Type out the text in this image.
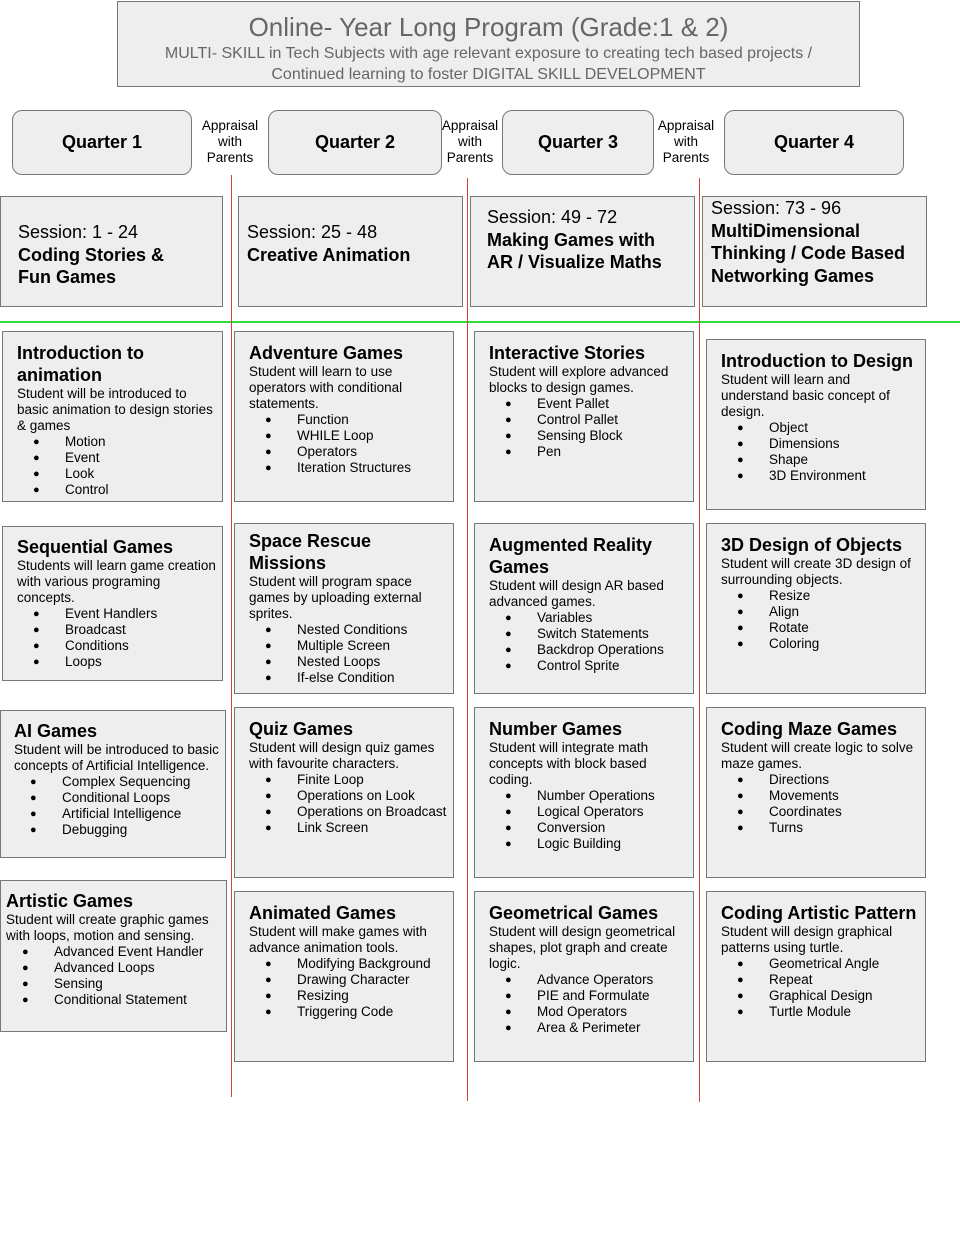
Online- Year Long Program (Grade:1 & 2)
MULTI- SKILL in Tech Subjects with age relevant exposure to creating tech based projects /
Continued learning to foster DIGITAL SKILL DEVELOPMENT
Quarter 1	Quarter 2	Quarter 3	Quarter 4
Appraisal
with
Parents
Appraisal
with
Parents
Appraisal
with
Parents
Session: 1 - 24
Coding Stories &
Fun Games
Session: 25 - 48
Creative Animation
Session: 49 - 72
Making Games with
AR / Visualize Maths
Session: 73 - 96
MultiDimensional
Thinking / Code Based
Networking Games
Introduction to animation
Student will be introduced to basic animation to design stories & games
● Motion
● Event
● Look
● Control
Sequential Games
Students will learn game creation with various programing concepts.
● Event Handlers
● Broadcast
● Conditions
● Loops
AI Games
Student will be introduced to basic concepts of Artificial Intelligence.
● Complex Sequencing
● Conditional Loops
● Artificial Intelligence
● Debugging
Artistic Games
Student will create graphic games with loops, motion and sensing.
● Advanced Event Handler
● Advanced Loops
● Sensing
● Conditional Statement
Adventure Games
Student will learn to use operators with conditional statements.
● Function
● WHILE Loop
● Operators
● Iteration Structures
Space Rescue Missions
Student will program space games by uploading external sprites.
● Nested Conditions
● Multiple Screen
● Nested Loops
● If-else Condition
Quiz Games
Student will design quiz games with favourite characters.
● Finite Loop
● Operations on Look
● Operations on Broadcast
● Link Screen
Animated Games
Student will make games with advance animation tools.
● Modifying Background
● Drawing Character
● Resizing
● Triggering Code
Interactive Stories
Student will explore advanced blocks to design games.
● Event Pallet
● Control Pallet
● Sensing Block
● Pen
Augmented Reality Games
Student will design AR based advanced games.
● Variables
● Switch Statements
● Backdrop Operations
● Control Sprite
Number Games
Student will integrate math concepts with block based coding.
● Number Operations
● Logical Operators
● Conversion
● Logic Building
Geometrical Games
Student will design geometrical shapes, plot graph and create logic.
● Advance Operators
● PIE and Formulate
● Mod Operators
● Area & Perimeter
Introduction to Design
Student will learn and understand basic concept of design.
● Object
● Dimensions
● Shape
● 3D Environment
3D Design of Objects
Student will create 3D design of surrounding objects.
● Resize
● Align
● Rotate
● Coloring
Coding Maze Games
Student will create logic to solve maze games.
● Directions
● Movements
● Coordinates
● Turns
Coding Artistic Pattern
Student will design graphical patterns using turtle.
● Geometrical Angle
● Repeat
● Graphical Design
● Turtle Module
